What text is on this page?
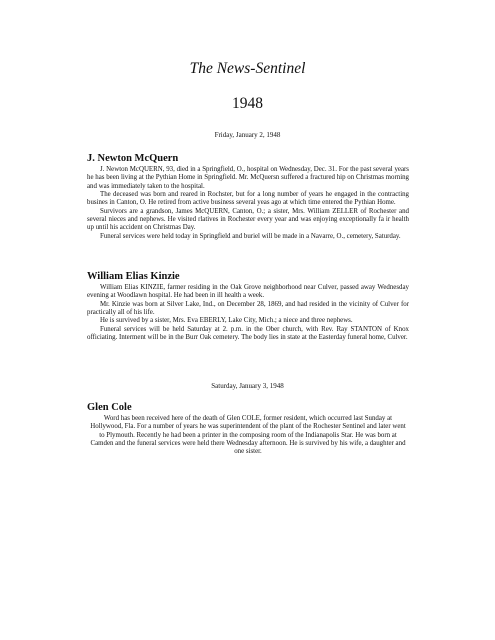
The News-Sentinel
1948

Friday, January 2, 1948

J. Newton McQuern

J. Newton McQUERN, 93, died in a Springfield, O., hospital on Wednesday, Dec. 31. For the past several years he has been living at the Pythian Home in Springfield. Mr. McQuersn suffered a fractured hip on Christmas morning and was immediately taken to the hospital.

The deceased was born and reared in Rochster, but for a long number of years he engaged in the contracting busines in Canton, O. He retired from active business several yeas ago at which time entered the Pythian Home.

Survivors are a grandson, James McQUERN, Canton, O.; a sister, Mrs. William ZELLER of Rochester and several nieces and nephews. He visited rlatives in Rochester every year and was enjoying exceptionally fa ir health up until his accident on Christmas Day.

Funeral services were held today in Springfield and buriel will be made in a Navarre, O., cemetery, Saturday.

William Elias Kinzie

William Elias KINZIE, farmer residing in the Oak Grove neighborhood near Culver, passed away Wednesday evening at Woodlawn hospital. He had been in ill health a week.

Mr. Kinzie was born at Silver Lake, Ind., on December 28, 1869, and had resided in the vicinity of Culver for practically all of his life.

He is survived by a sister, Mrs. Eva EBERLY, Lake City, Mich.; a niece and three nephews.

Funeral services will be held Saturday at 2. p.m. in the Ober church, with Rev. Ray STANTON of Knox officiating. Interment will be in the Burr Oak cemetery. The body lies in state at the Easterday funeral home, Culver.

Saturday, January 3, 1948

Glen Cole

Word has been received here of the death of Glen COLE, former resident, which occurred last Sunday at Hollywood, Fla. For a number of years he was superintendent of the plant of the Rochester Sentinel and later went to Plymouth. Recently he had been a printer in the composing room of the Indianapolis Star. He was born at Camden and the funeral services were held there Wednesday afternoon. He is survived by his wife, a daughter and one sister.
